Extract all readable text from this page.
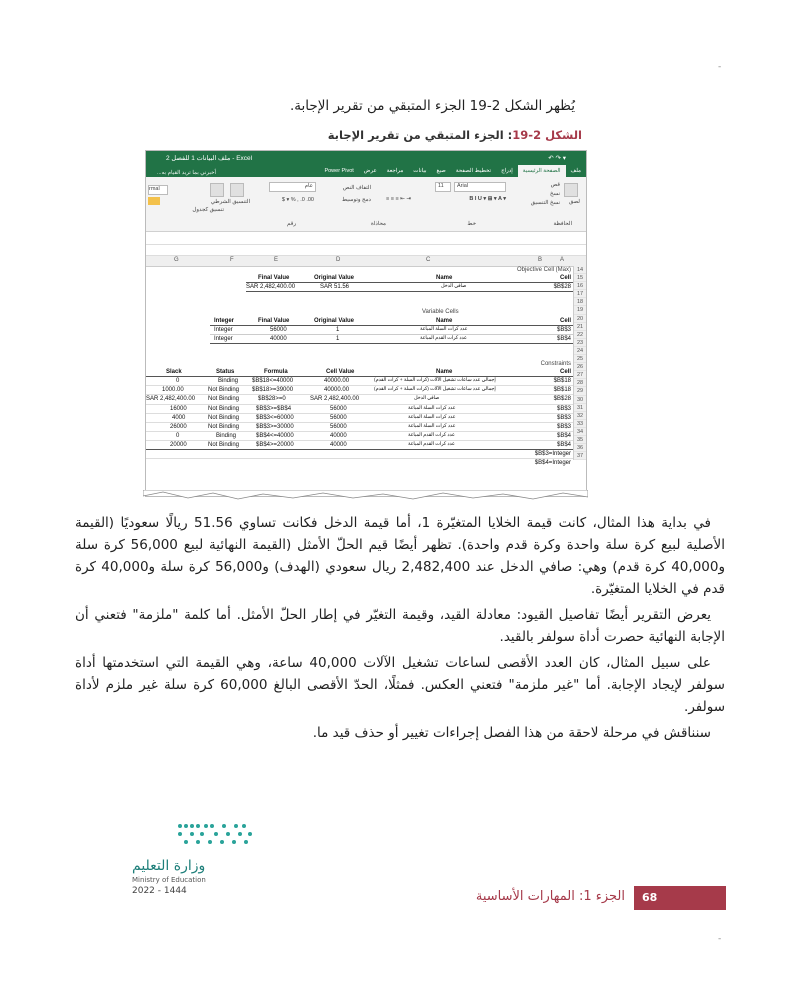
-
يُظهر الشكل 2-19 الجزء المتبقي من تقرير الإجابة.
الشكل 2-19: الجزء المتبقي من تقرير الإجابة
ملف البيانات 1 للفصل 2 - Excel	↶ ↷ ▾
ملفالصفحة الرئيسيةإدراجتخطيط الصفحةصيغبياناتمراجعةعرضPower Pivot
أخبرني بما تريد القيام به...
لصق
قص
نسخ
نسخ التنسيق
الحافظة
Arial
11
B I U ▾ ⊞ ▾ A ▾
خط
≡ ≡ ≡ ⇤ ⇥
التفاف النص
دمج وتوسيط
محاذاة
عام
$ ▾ % , .0 .00
رقم
التنسيق الشرطي
تنسيق كجدول
rmal
G	F	E	D	C	B	A
14
15
16
17
18
19
20
21
22
23
24
25
26
27
28
29
30
31
32
33
34
35
36
37
Objective Cell (Max)
Cell
Name
Original Value
Final Value
$B$28
صافي الدخل
SAR 51.56
SAR 2,482,400.00
Variable Cells
Cell
Name
Original Value
Final Value
Integer
$B$3
عدد كرات السلة المباعة
1
56000
Integer
$B$4
عدد كرات القدم المباعة
1
40000
Integer
Constraints
Cell
Name
Cell Value
Formula
Status
Slack
$B$18
إجمالي عدد ساعات تشغيل الآلات (كرات السلة + كرات القدم)
40000.00
$B$18<=40000
Binding
0
$B$18
إجمالي عدد ساعات تشغيل الآلات (كرات السلة + كرات القدم)
40000.00
$B$18>=39000
Not Binding
1000.00
$B$28
صافي الدخل
SAR 2,482,400.00
$B$28>=0
Not Binding
SAR 2,482,400.00
$B$3
عدد كرات السلة المباعة
56000
$B$3>=$B$4
Not Binding
16000
$B$3
عدد كرات السلة المباعة
56000
$B$3<=60000
Not Binding
4000
$B$3
عدد كرات السلة المباعة
56000
$B$3>=30000
Not Binding
26000
$B$4
عدد كرات القدم المباعة
40000
$B$4<=40000
Binding
0
$B$4
عدد كرات القدم المباعة
40000
$B$4>=20000
Not Binding
20000
$B$3=Integer
$B$4=Integer

في بداية هذا المثال، كانت قيمة الخلايا المتغيّرة 1، أما قيمة الدخل فكانت تساوي 51.56 ريالًا سعوديًا (القيمة الأصلية لبيع كرة سلة واحدة وكرة قدم واحدة). تظهر أيضًا قيم الحلّ الأمثل (القيمة النهائية لبيع 56,000 كرة سلة و40,000 كرة قدم) وهي: صافي الدخل عند 2,482,400 ريال سعودي (الهدف) و56,000 كرة سلة و40,000 كرة قدم في الخلايا المتغيّرة.

يعرض التقرير أيضًا تفاصيل القيود: معادلة القيد، وقيمة التغيّر في إطار الحلّ الأمثل. أما كلمة "ملزمة" فتعني أن الإجابة النهائية حصرت أداة سولفر بالقيد.

على سبيل المثال، كان العدد الأقصى لساعات تشغيل الآلات 40,000 ساعة، وهي القيمة التي استخدمتها أداة سولفر لإيجاد الإجابة. أما "غير ملزمة" فتعني العكس. فمثلًا، الحدّ الأقصى البالغ 60,000 كرة سلة غير ملزم لأداة سولفر.

سنناقش في مرحلة لاحقة من هذا الفصل إجراءات تغيير أو حذف قيد ما.

وزارة التعليم
Ministry of Education
2022 - 1444	68
الجزء 1: المهارات الأساسية
-
